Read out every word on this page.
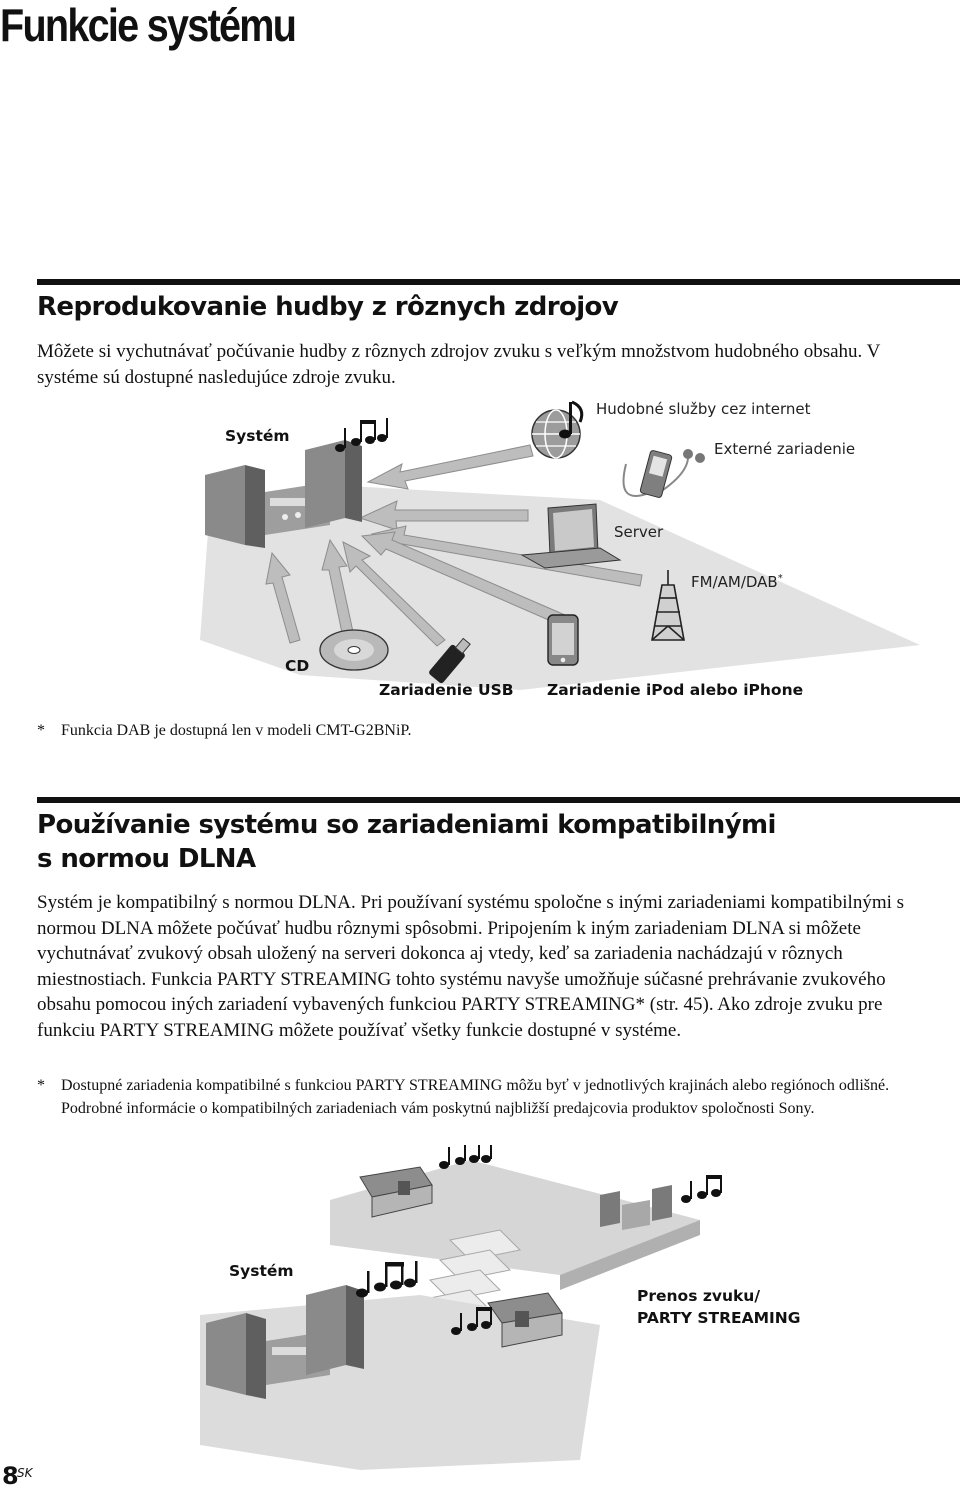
Funkcie systému
Reprodukovanie hudby z rôznych zdrojov
Môžete si vychutnávať počúvanie hudby z rôznych zdrojov zvuku s veľkým množstvom hudobného obsahu. V systéme sú dostupné nasledujúce zdroje zvuku.
Systém
Hudobné služby cez internet
Externé zariadenie
Server
FM/AM/DAB*
CD
Zariadenie USB Zariadenie iPod alebo iPhone
* Funkcia DAB je dostupná len v modeli CMT-G2BNiP.
Používanie systému so zariadeniami kompatibilnými
s normou DLNA
Systém je kompatibilný s normou DLNA. Pri používaní systému spoločne s inými zariadeniami kompatibilnými s normou DLNA môžete počúvať hudbu rôznymi spôsobmi. Pripojením k iným zariadeniam DLNA si môžete vychutnávať zvukový obsah uložený na serveri dokonca aj vtedy, keď sa zariadenia nachádzajú v rôznych miestnostiach. Funkcia PARTY STREAMING tohto systému navyše umožňuje súčasné prehrávanie zvukového obsahu pomocou iných zariadení vybavených funkciou PARTY STREAMING* (str. 45). Ako zdroje zvuku pre funkciu PARTY STREAMING môžete používať všetky funkcie dostupné v systéme.
* Dostupné zariadenia kompatibilné s funkciou PARTY STREAMING môžu byť v jednotlivých krajinách alebo regiónoch odlišné. Podrobné informácie o kompatibilných zariadeniach vám poskytnú najbližší predajcovia produktov spoločnosti Sony.
Systém
Prenos zvuku/
PARTY STREAMING
8
SK
